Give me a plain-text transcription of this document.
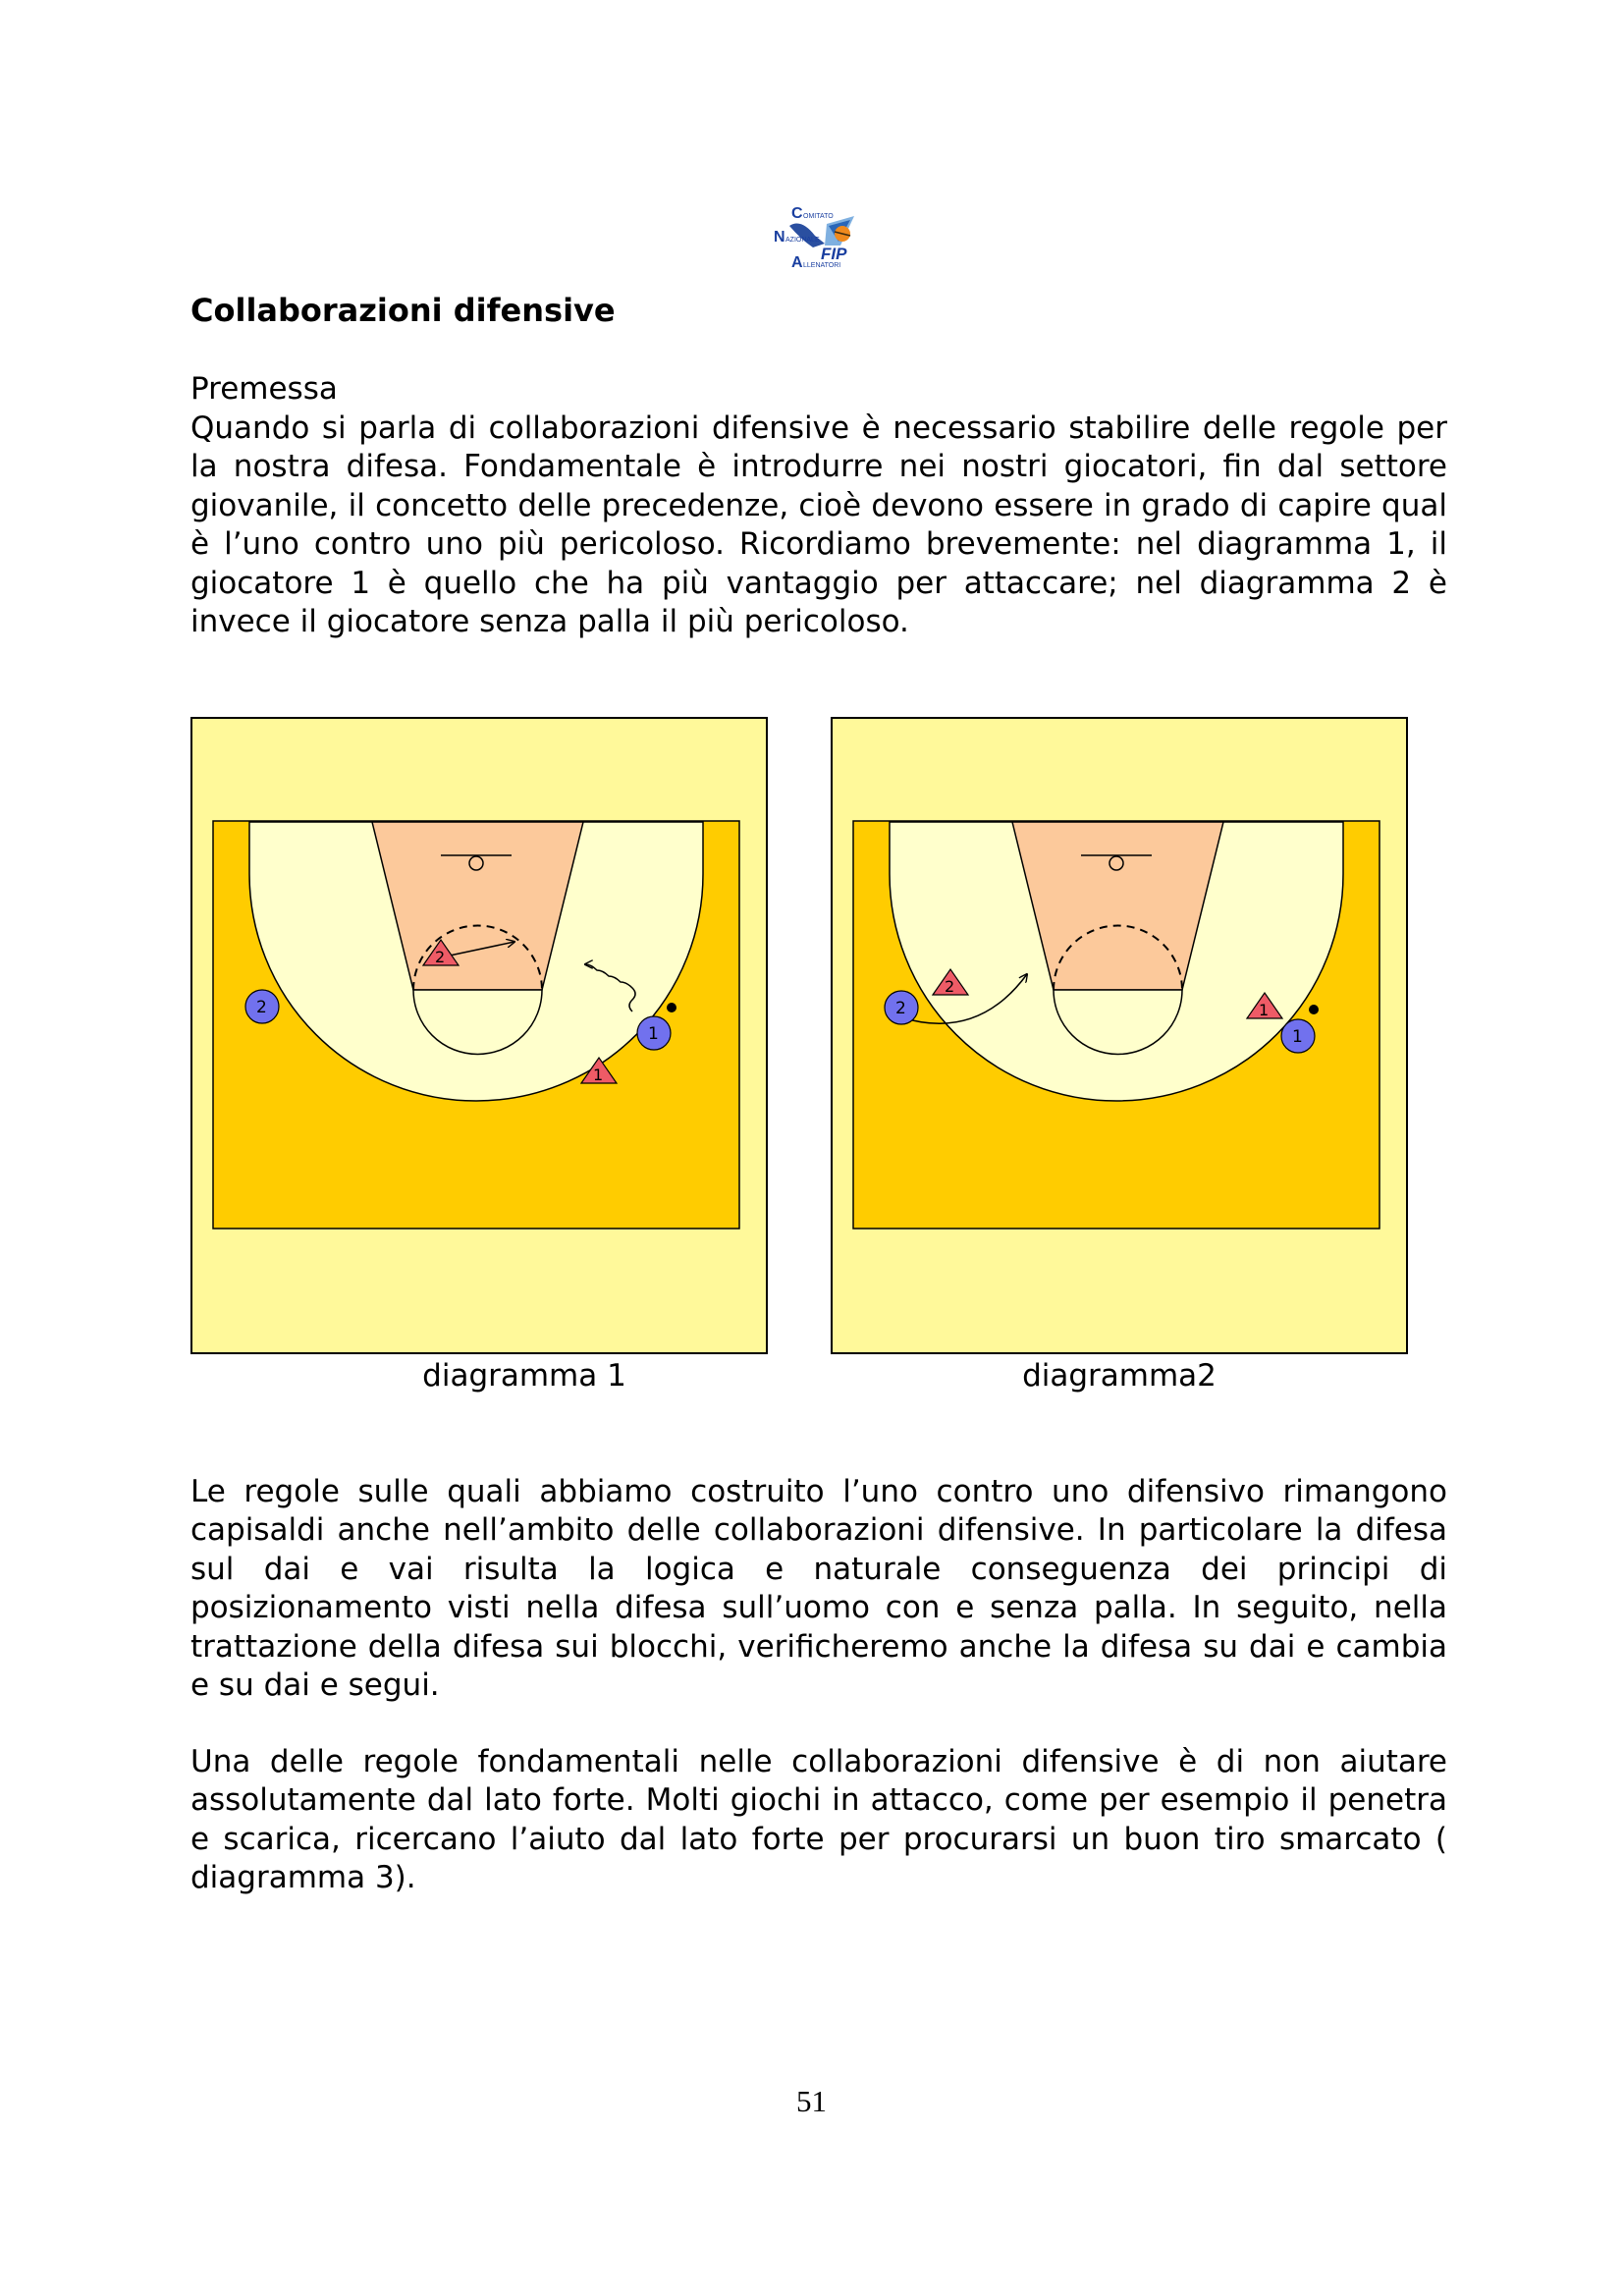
C OMITATO
N AZIONALE
A LLENATORI
FIP
Collaborazioni difensive
Premessa
Quando si parla di collaborazioni difensive è necessario stabilire delle regole per la nostra difesa. Fondamentale è introdurre nei nostri giocatori, fin dal settore giovanile, il concetto delle precedenze, cioè devono essere in grado di capire qual è l’uno contro uno più pericoloso. Ricordiamo brevemente: nel diagramma 1, il giocatore 1 è quello che ha più vantaggio per attaccare; nel diagramma 2 è invece il giocatore senza palla il più pericoloso.
2
1
2
1
2
1
2
1
diagramma 1	diagramma2
Le regole sulle quali abbiamo costruito l’uno contro uno difensivo rimangono capisaldi anche nell’ambito delle collaborazioni difensive. In particolare la difesa sul dai e vai risulta la logica e naturale conseguenza dei principi di posizionamento visti nella difesa sull’uomo con e senza palla. In seguito, nella trattazione della difesa sui blocchi, verificheremo anche la difesa su dai e cambia e su dai e segui.
Una delle regole fondamentali nelle collaborazioni difensive è di non aiutare assolutamente dal lato forte. Molti giochi in attacco, come per esempio il penetra e scarica, ricercano l’aiuto dal lato forte per procurarsi un buon tiro smarcato ( diagramma 3).
51
